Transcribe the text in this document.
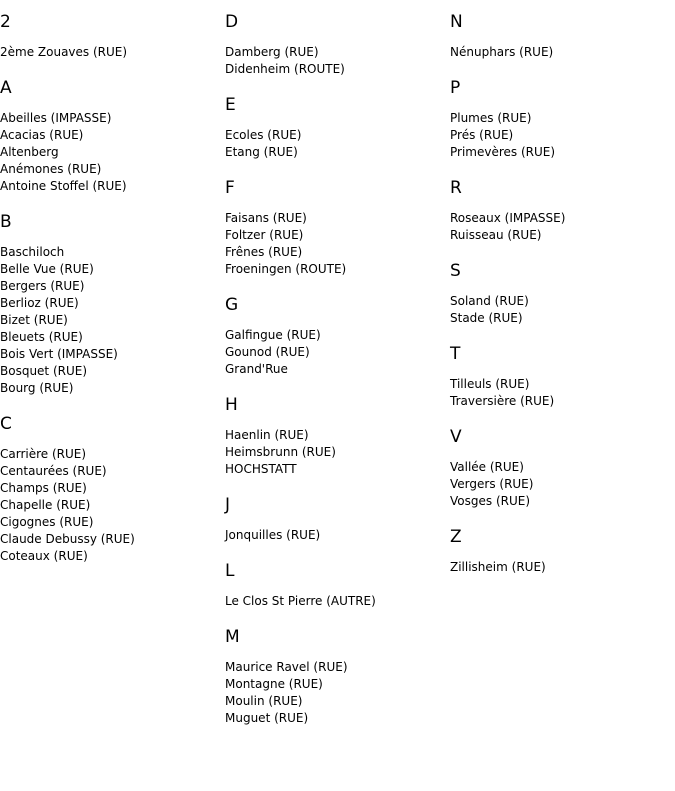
2
2ème Zouaves (RUE)
A
Abeilles (IMPASSE)
Acacias (RUE)
Altenberg
Anémones (RUE)
Antoine Stoffel (RUE)
B
Baschiloch
Belle Vue (RUE)
Bergers (RUE)
Berlioz (RUE)
Bizet (RUE)
Bleuets (RUE)
Bois Vert (IMPASSE)
Bosquet (RUE)
Bourg (RUE)
C
Carrière (RUE)
Centaurées (RUE)
Champs (RUE)
Chapelle (RUE)
Cigognes (RUE)
Claude Debussy (RUE)
Coteaux (RUE)
D
Damberg (RUE)
Didenheim (ROUTE)
E
Ecoles (RUE)
Etang (RUE)
F
Faisans (RUE)
Foltzer (RUE)
Frênes (RUE)
Froeningen (ROUTE)
G
Galfingue (RUE)
Gounod (RUE)
Grand'Rue
H
Haenlin (RUE)
Heimsbrunn (RUE)
HOCHSTATT
J
Jonquilles (RUE)
L
Le Clos St Pierre (AUTRE)
M
Maurice Ravel (RUE)
Montagne (RUE)
Moulin (RUE)
Muguet (RUE)
N
Nénuphars (RUE)
P
Plumes (RUE)
Prés (RUE)
Primevères (RUE)
R
Roseaux (IMPASSE)
Ruisseau (RUE)
S
Soland (RUE)
Stade (RUE)
T
Tilleuls (RUE)
Traversière (RUE)
V
Vallée (RUE)
Vergers (RUE)
Vosges (RUE)
Z
Zillisheim (RUE)
